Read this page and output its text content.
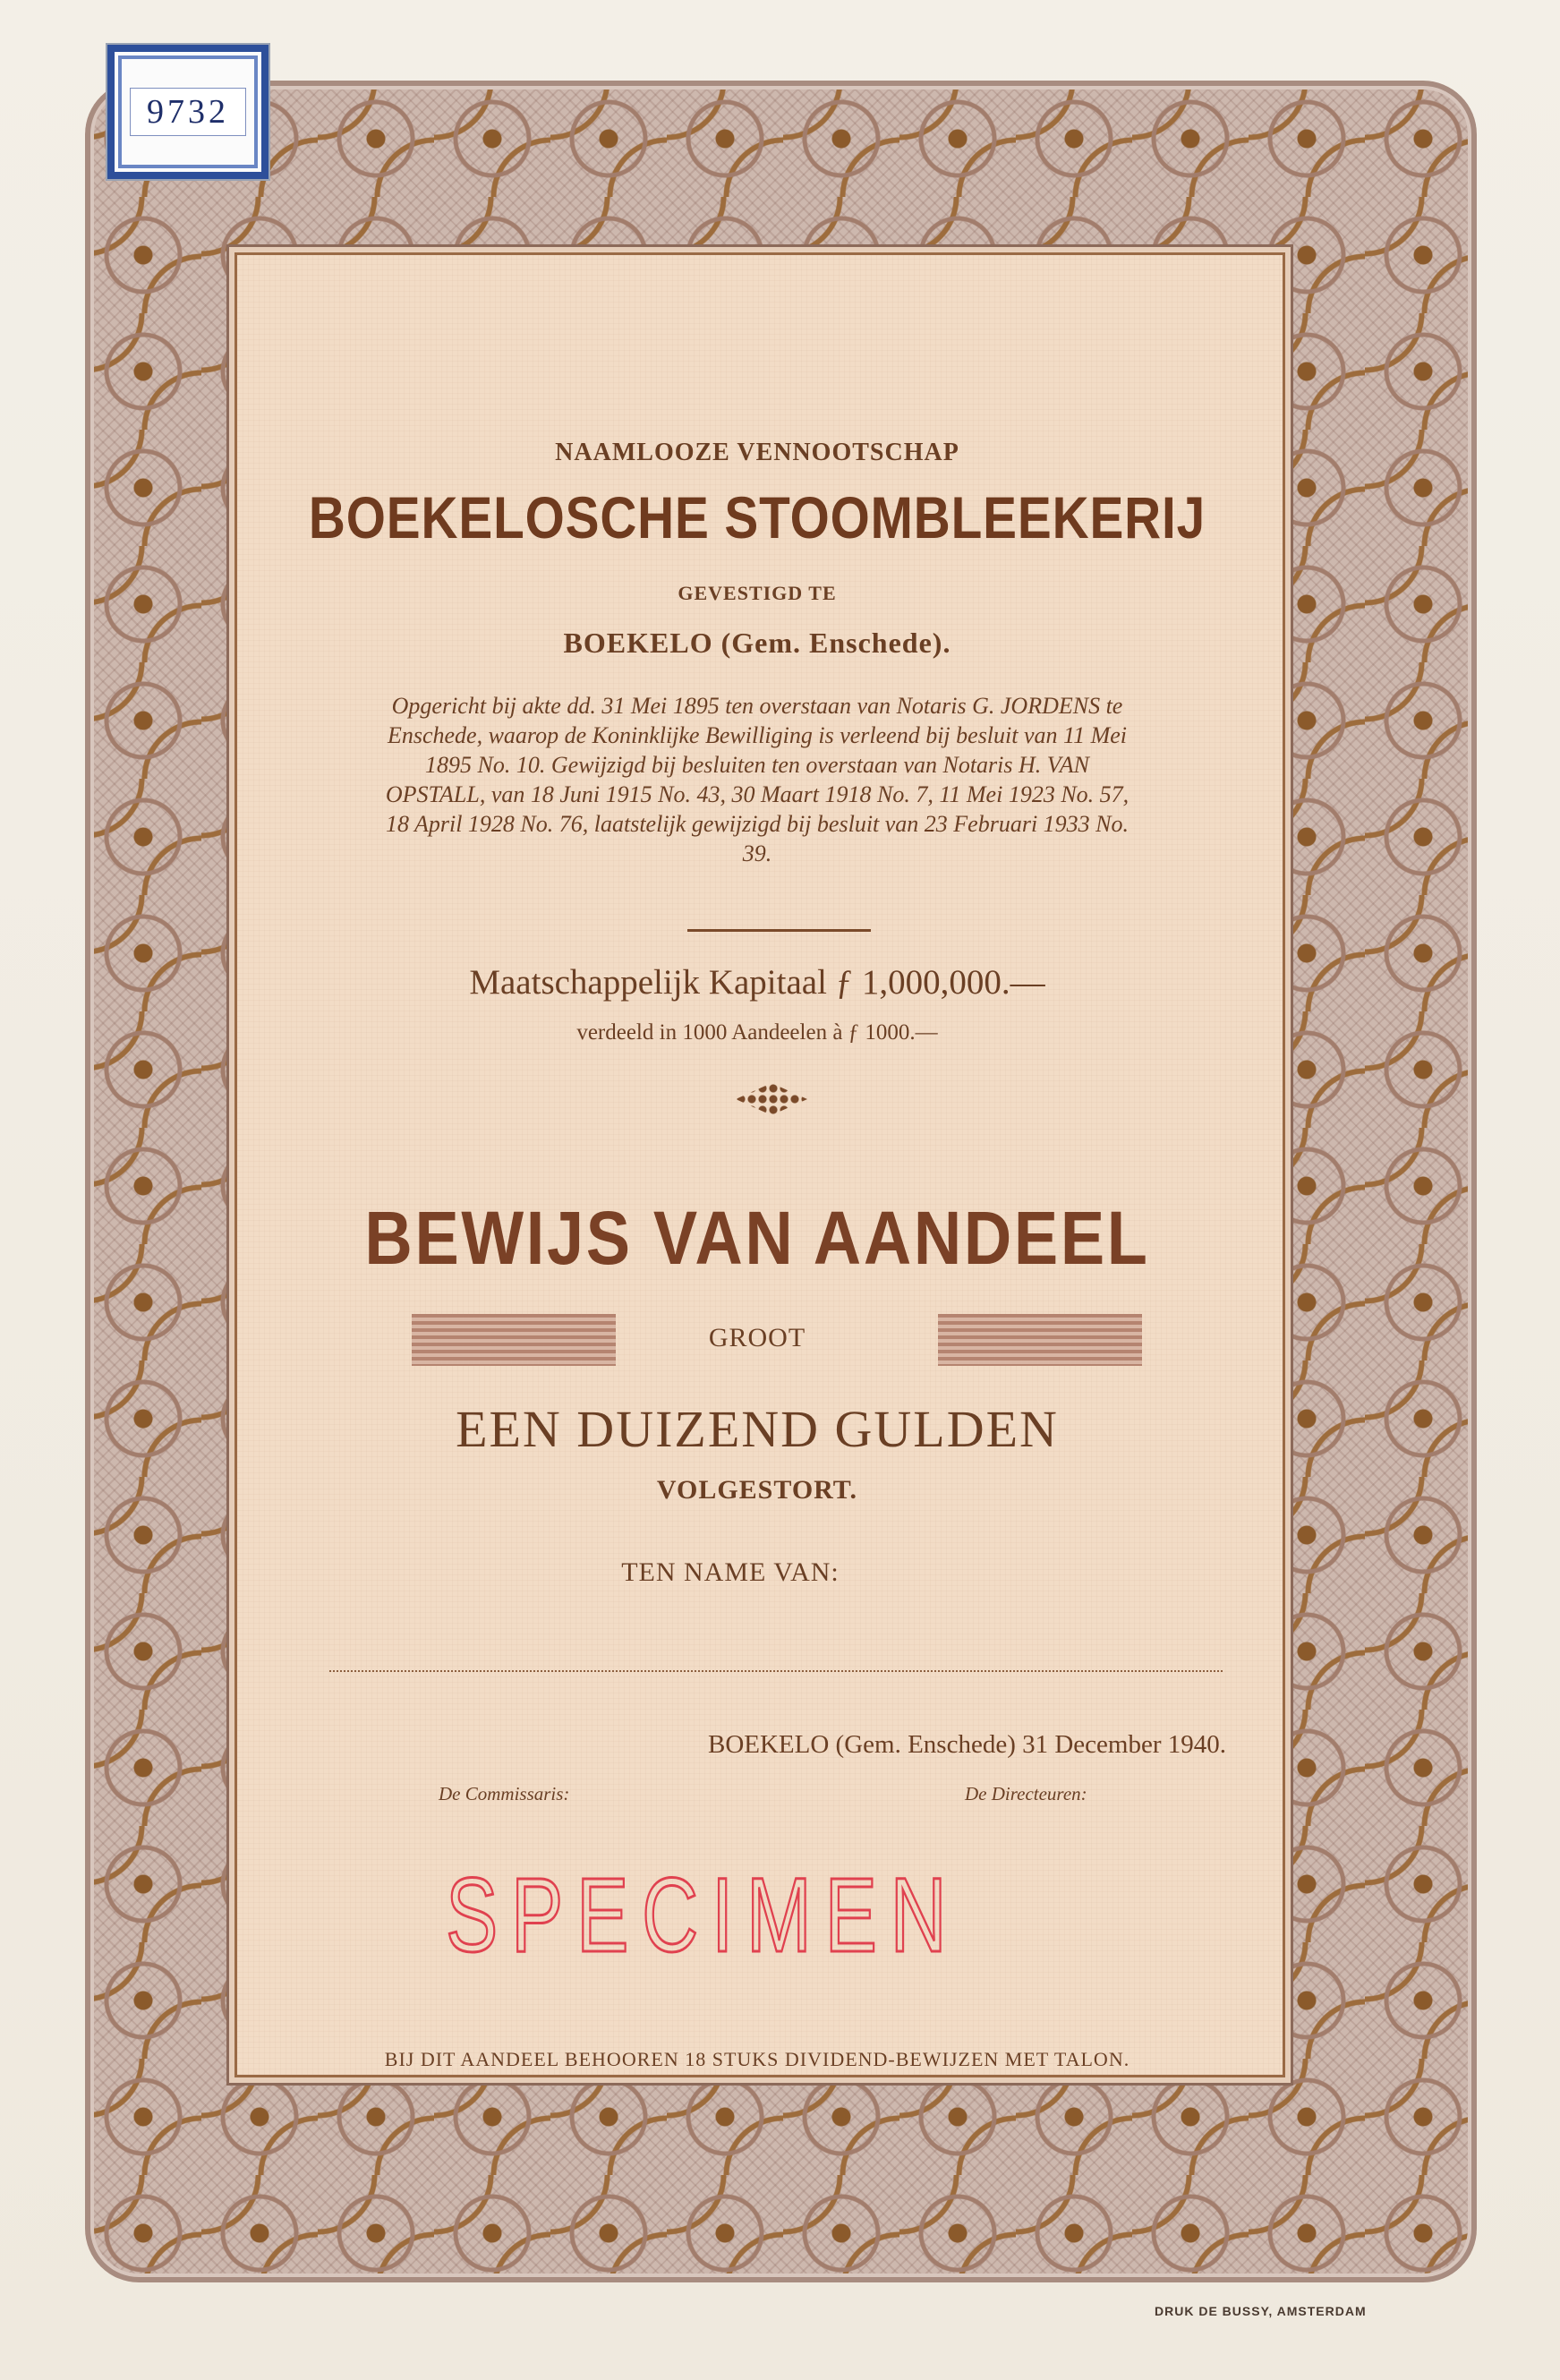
9732
NAAMLOOZE VENNOOTSCHAP
BOEKELOSCHE STOOMBLEEKERIJ
GEVESTIGD TE
BOEKELO (Gem. Enschede).
Opgericht bij akte dd. 31 Mei 1895 ten overstaan van Notaris G. JORDENS te Enschede, waarop de Koninklijke Bewilliging is verleend bij besluit van 11 Mei 1895 No. 10. Gewijzigd bij besluiten ten overstaan van Notaris H. VAN OPSTALL, van 18 Juni 1915 No. 43, 30 Maart 1918 No. 7, 11 Mei 1923 No. 57, 18 April 1928 No. 76, laatstelijk gewijzigd bij besluit van 23 Februari 1933 No. 39.
Maatschappelijk Kapitaal ƒ 1,000,000.—
verdeeld in 1000 Aandeelen à ƒ 1000.—
BEWIJS VAN AANDEEL
GROOT
EEN DUIZEND GULDEN
VOLGESTORT.
TEN NAME VAN:
BOEKELO (Gem. Enschede) 31 December 1940.
De Commissaris:	De Directeuren:
SPECIMEN
BIJ DIT AANDEEL BEHOOREN 18 STUKS DIVIDEND-BEWIJZEN MET TALON.
DRUK DE BUSSY, AMSTERDAM
